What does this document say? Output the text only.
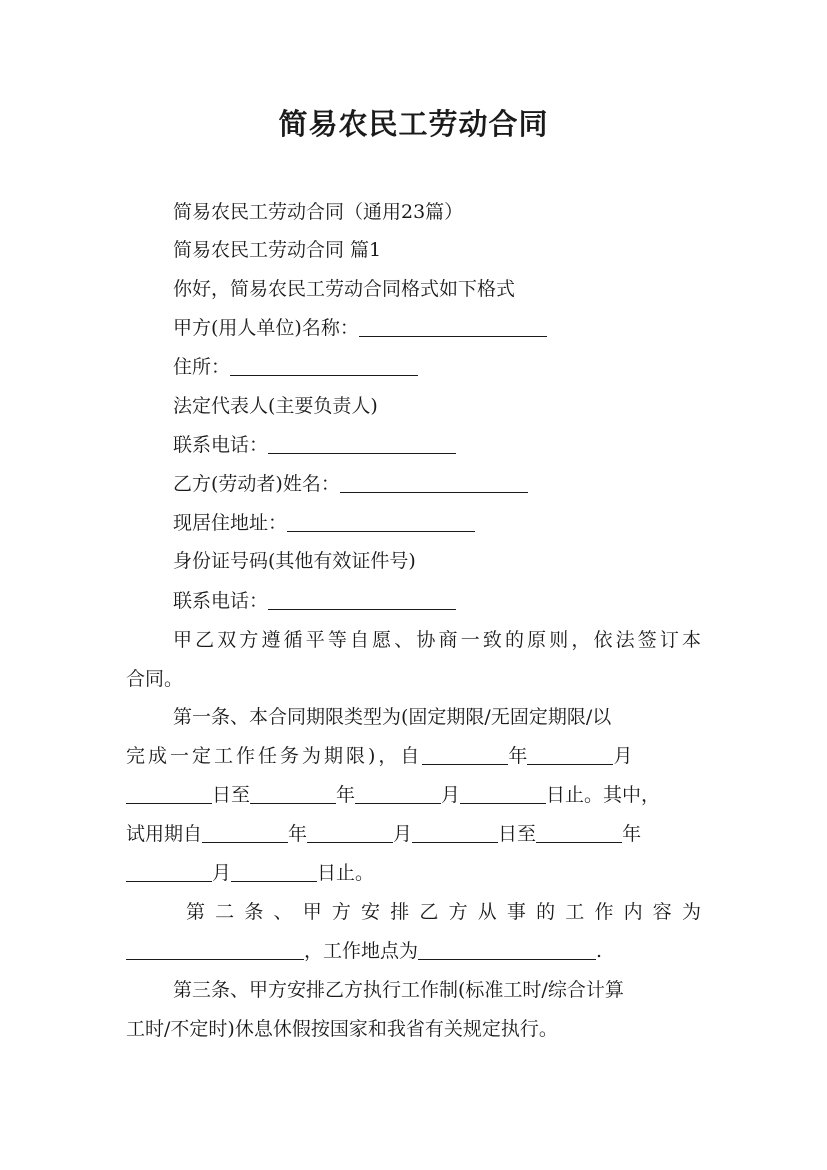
简易农民工劳动合同
简易农民工劳动合同（通用23篇）
简易农民工劳动合同 篇1
你好，简易农民工劳动合同格式如下格式
甲方(用人单位)名称：
住所：
法定代表人(主要负责人)
联系电话：
乙方(劳动者)姓名：
现居住地址：
身份证号码(其他有效证件号)
联系电话：
甲乙双方遵循平等自愿、协商一致的原则，依法签订本
合同。
第一条、本合同期限类型为(固定期限/无固定期限/以
完成一定工作任务为期限)，自	年	月
日至	年	月	日止。其中，
试用期自	年	月	日至	年
月	日止。
第二条、甲方安排乙方从事的工作内容为
，工作地点为	.
第三条、甲方安排乙方执行工作制(标准工时/综合计算
工时/不定时)休息休假按国家和我省有关规定执行。
